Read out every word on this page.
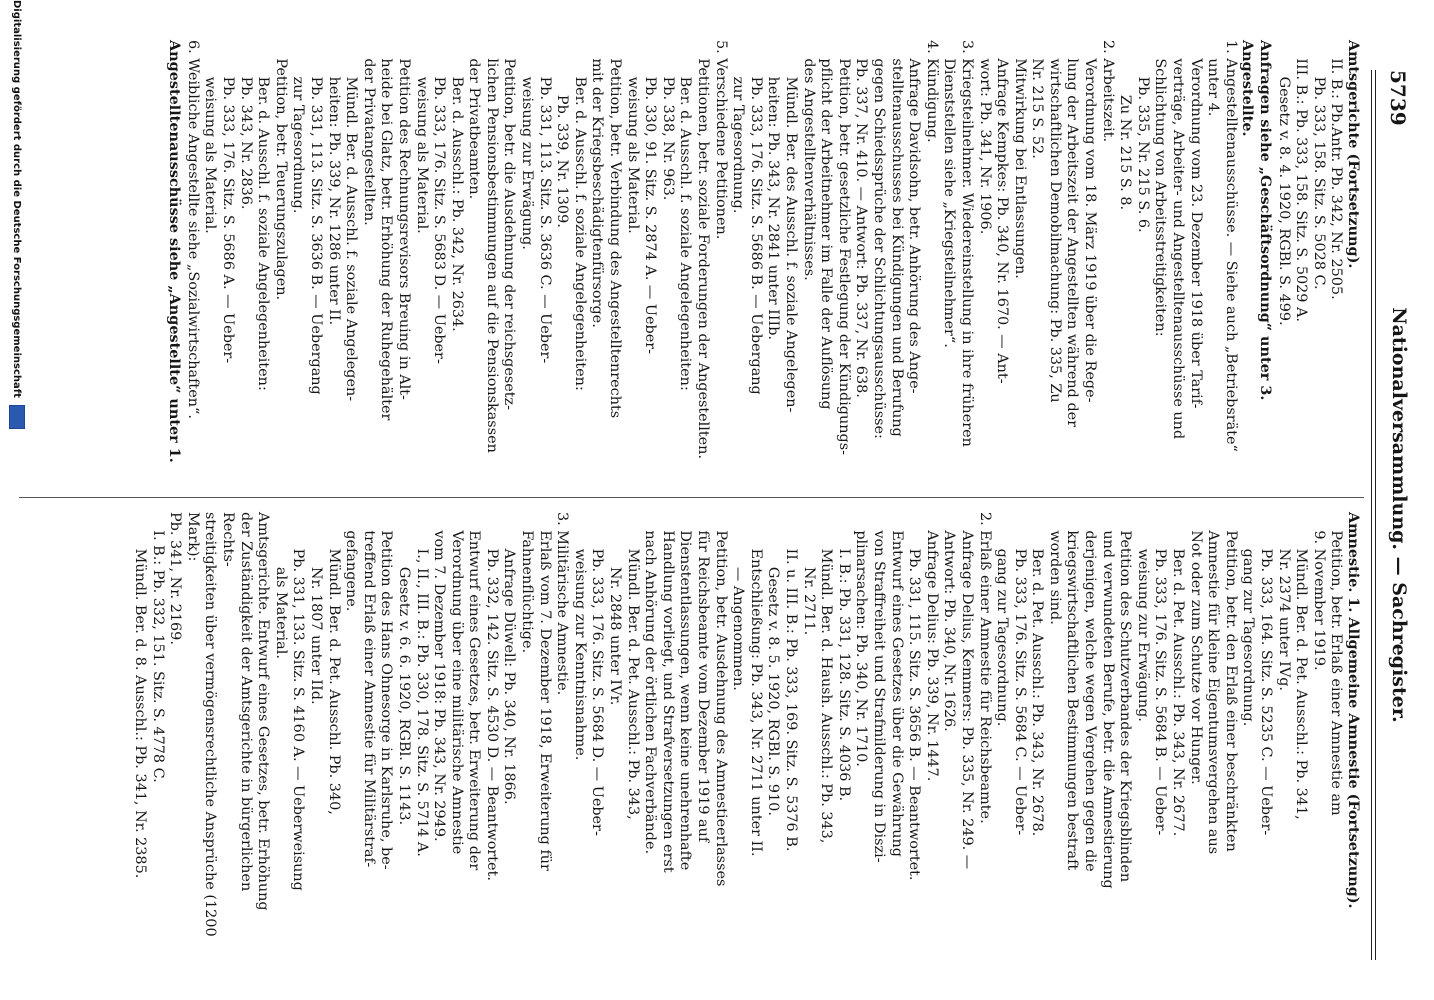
5739
Nationalversammlung. — Sachregister.

Amtsgerichte (Fortsetzung).

II. B.: Pb.Antr. Pb. 342, Nr. 2505.
Pb. 333, 158. Sitz. S. 5028 C.
III. B.: Pb. 333, 158. Sitz. S. 5029 A.
Gesetz v. 8. 4. 1920, RGBl. S. 499.

Anfragen siehe „Geschäftsordnung“ unter 3.

Angestellte.

1. Angestelltenausschüsse. — Siehe auch „Betriebsräte“
unter 4.
Verordnung vom 23. Dezember 1918 über Tarif-
verträge, Arbeiter- und Angestelltenausschüsse und
Schlichtung von Arbeitsstreitigkeiten:
Pb. 335, Nr. 215 S. 6.
Zu Nr. 215 S. 8.

2. Arbeitszeit.
Verordnung vom 18. März 1919 über die Rege-
lung der Arbeitszeit der Angestellten während der
wirtschaftlichen Demobilmachung: Pb. 335, Zu
Nr. 215 S. 52.
Mitwirkung bei Entlassungen.
Anfrage Kempkes: Pb. 340, Nr. 1670. — Ant-
wort: Pb. 341, Nr. 1906.

3. Kriegsteilnehmer. Wiedereinstellung in ihre früheren
Dienststellen siehe „Kriegsteilnehmer“.

4. Kündigung.
Anfrage Davidsohn, betr. Anhörung des Ange-
stelltenausschusses bei Kündigungen und Berufung
gegen Schiedssprüche der Schlichtungsausschüsse:
Pb. 337, Nr. 410. — Antwort: Pb. 337, Nr. 638.
Petition, betr. gesetzliche Festlegung der Kündigungs-
pflicht der Arbeitnehmer im Falle der Auflösung
des Angestelltenverhältnisses.
Mündl. Ber. des Ausschl. f. soziale Angelegen-
heiten: Pb. 343, Nr. 2841 unter IIIb.
Pb. 333, 176. Sitz. S. 5686 B. — Uebergang
zur Tagesordnung.

5. Verschiedene Petitionen.
Petitionen, betr. soziale Forderungen der Angestellten.
Ber. d. Ausschl. f. soziale Angelegenheiten:
Pb. 338, Nr. 963.
Pb. 330, 91. Sitz. S. 2874 A. — Ueber-
weisung als Material.
Petition, betr. Verbindung des Angestelltenrechts
mit der Kriegsbeschädigtenfürsorge.
Ber. d. Ausschl. f. soziale Angelegenheiten:
Pb. 339, Nr. 1309.
Pb. 331, 113. Sitz. S. 3636 C. — Ueber-
weisung zur Erwägung.
Petition, betr. die Ausdehnung der reichsgesetz-
lichen Pensionsbestimmungen auf die Pensionskassen
der Privatbeamten.
Ber. d. Ausschl.: Pb. 342, Nr. 2634.
Pb. 333, 176. Sitz. S. 5683 D. — Ueber-
weisung als Material.
Petition des Rechnungsrevisors Breuing in Alt-
heide bei Glatz, betr. Erhöhung der Ruhegehälter
der Privatangestellten.
Mündl. Ber. d. Ausschl. f. soziale Angelegen-
heiten: Pb. 339, Nr. 1286 unter II.
Pb. 331, 113. Sitz. S. 3636 B. — Uebergang
zur Tagesordnung.
Petition, betr. Teuerungszulagen.
Ber. d. Ausschl. f. soziale Angelegenheiten:
Pb. 343, Nr. 2836.
Pb. 333, 176. Sitz. S. 5686 A. — Ueber-
weisung als Material.

6. Weibliche Angestellte siehe „Sozialwirtschaften“.

Angestelltenausschüsse siehe „Angestellte“ unter 1.

Amnestie. 1. Allgemeine Amnestie (Fortsetzung).

Petition, betr. Erlaß einer Amnestie am
9. November 1919.
Mündl. Ber. d. Pet. Ausschl.: Pb. 341,
Nr. 2374 unter IVg.
Pb. 333, 164. Sitz. S. 5235 C. — Ueber-
gang zur Tagesordnung.
Petition, betr. den Erlaß einer beschränkten
Amnestie für kleine Eigentumsvergehen aus
Not oder zum Schutze vor Hunger.
Ber. d. Pet. Ausschl.: Pb. 343, Nr. 2677.
Pb. 333, 176. Sitz. S. 5684 B. — Ueber-
weisung zur Erwägung.
Petition des Schutzverbandes der Kriegsblinden
und verwundeten Berufe, betr. die Amnestierung
derjenigen, welche wegen Vergehen gegen die
kriegswirtschaftlichen Bestimmungen bestraft
worden sind.
Ber. d. Pet. Ausschl.: Pb. 343, Nr. 2678.
Pb. 333, 176. Sitz. S. 5684 C. — Ueber-
gang zur Tagesordnung.

2. Erlaß einer Amnestie für Reichsbeamte.
Anfrage Delius, Kemmers: Pb. 335, Nr. 249. —
Antwort: Pb. 340, Nr. 1626.
Anfrage Delius: Pb. 339, Nr. 1447.
Pb. 331, 115. Sitz. S. 3656 B. — Beantwortet.
Entwurf eines Gesetzes über die Gewährung
von Straffreiheit und Strafmilderung in Diszi-
plinarsachen: Pb. 340, Nr. 1710.
I. B.: Pb. 331, 128. Sitz. S. 4036 B.
Mündl. Ber. d. Haush. Ausschl.: Pb. 343,
Nr. 2711.
II. u. III. B.: Pb. 333, 169. Sitz. S. 5376 B.
Gesetz v. 8. 5. 1920, RGBl. S. 910.
Entschließung: Pb. 343, Nr. 2711 unter II.
— Angenommen.
Petition, betr. Ausdehnung des Amnestieerlasses
für Reichsbeamte vom Dezember 1919 auf
Dienstentlassungen, wenn keine unehrenhafte
Handlung vorliegt, und Strafversetzungen erst
nach Anhörung der örtlichen Fachverbände.
Mündl. Ber. d. Pet. Ausschl.: Pb. 343,
Nr. 2848 unter IVr.
Pb. 333, 176. Sitz. S. 5684 D. — Ueber-
weisung zur Kenntnisnahme.

3. Militärische Amnestie.
Erlaß vom 7. Dezember 1918, Erweiterung für
Fahnenflüchtige.
Anfrage Düwell: Pb. 340, Nr. 1866.
Pb. 332, 142. Sitz. S. 4530 D. — Beantwortet.
Entwurf eines Gesetzes, betr. Erweiterung der
Verordnung über eine militärische Amnestie
vom 7. Dezember 1918: Pb. 343, Nr. 2949.
I., II., III. B.: Pb. 330, 178. Sitz. S. 5714 A.
Gesetz v. 6. 6. 1920, RGBl. S. 1143.
Petition des Hans Ohnesorge in Karlsruhe, be-
treffend Erlaß einer Amnestie für Militärstraf-
gefangene.
Mündl. Ber. d. Pet. Ausschl. Pb. 340,
Nr. 1807 unter IId.
Pb. 331, 133. Sitz. S. 4160 A. — Ueberweisung
als Material.

Amtsgerichte. Entwurf eines Gesetzes, betr. Erhöhung
der Zuständigkeit der Amtsgerichte in bürgerlichen Rechts-
streitigkeiten über vermögensrechtliche Ansprüche (1200 Mark):
Pb. 341, Nr. 2169.
I. B.: Pb. 332, 151. Sitz. S. 4778 C.
Mündl. Ber. d. 8. Ausschl.: Pb. 341, Nr. 2385.

Digitalisierung gefördert durch die Deutsche Forschungsgemeinschaft
